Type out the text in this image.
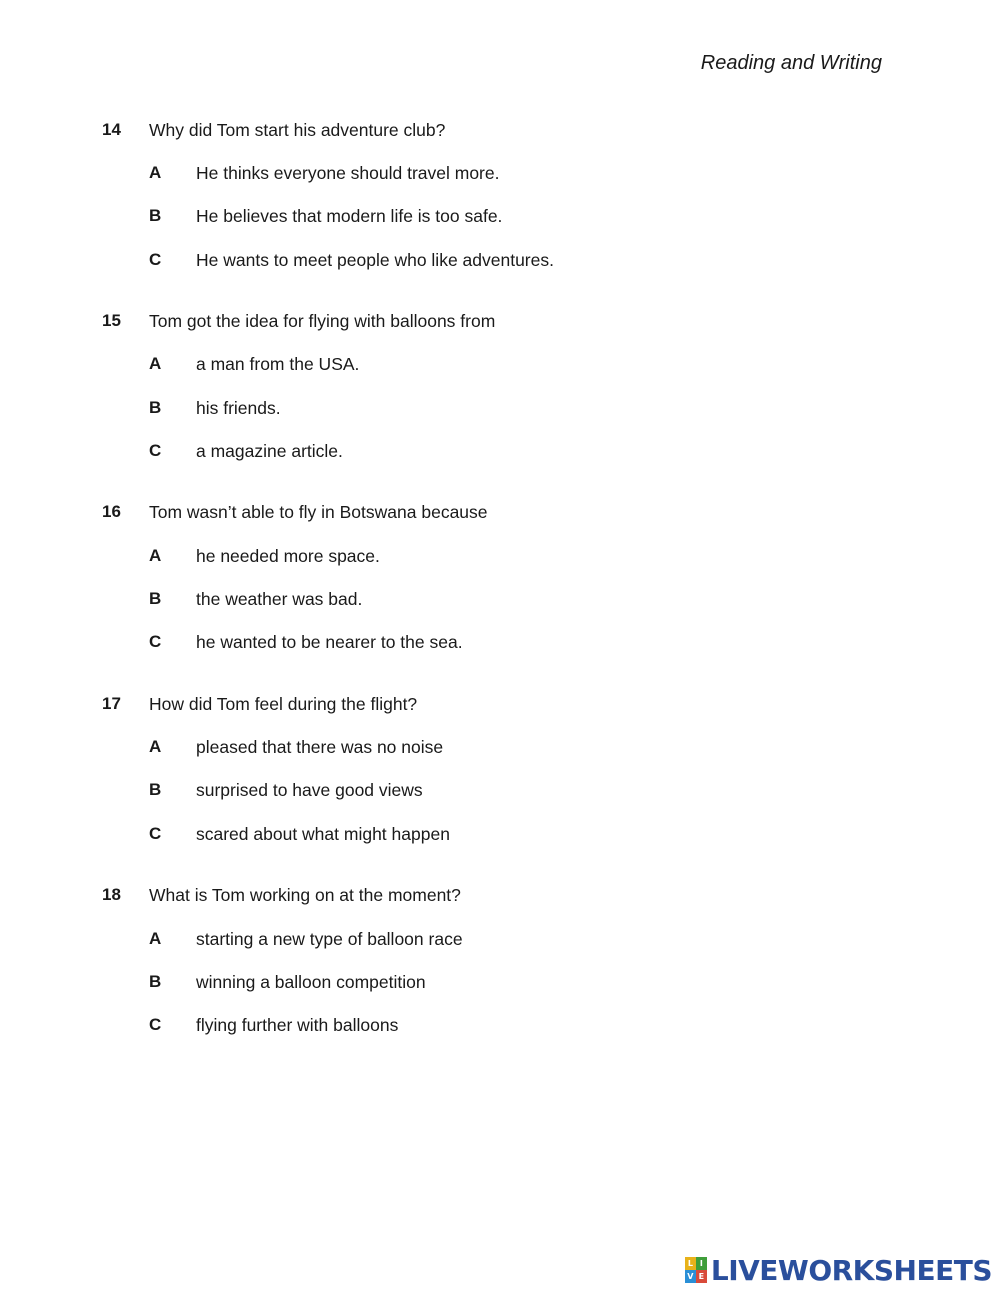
Reading and Writing
14 Why did Tom start his adventure club?
A He thinks everyone should travel more.
B He believes that modern life is too safe.
C He wants to meet people who like adventures.
15 Tom got the idea for flying with balloons from
A a man from the USA.
B his friends.
C a magazine article.
16 Tom wasn’t able to fly in Botswana because
A he needed more space.
B the weather was bad.
C he wanted to be nearer to the sea.
17 How did Tom feel during the flight?
A pleased that there was no noise
B surprised to have good views
C scared about what might happen
18 What is Tom working on at the moment?
A starting a new type of balloon race
B winning a balloon competition
C flying further with balloons
L I
V E LIVEWORKSHEETS
